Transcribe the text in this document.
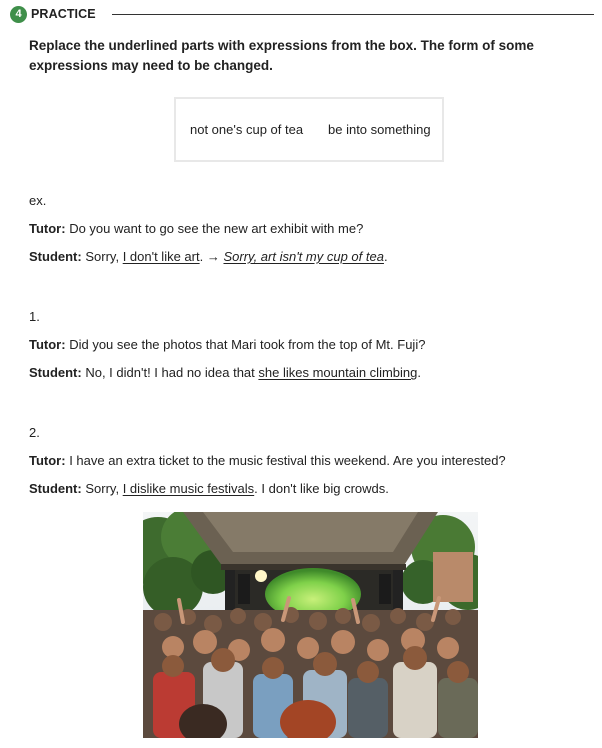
4 PRACTICE
Replace the underlined parts with expressions from the box. The form of some expressions may need to be changed.
not one's cup of tea be into something
ex.
Tutor: Do you want to go see the new art exhibit with me?
Student: Sorry, I don't like art. → Sorry, art isn't my cup of tea.
1.
Tutor: Did you see the photos that Mari took from the top of Mt. Fuji?
Student: No, I didn't! I had no idea that she likes mountain climbing.
2.
Tutor: I have an extra ticket to the music festival this weekend. Are you interested?
Student: Sorry, I dislike music festivals. I don't like big crowds.
